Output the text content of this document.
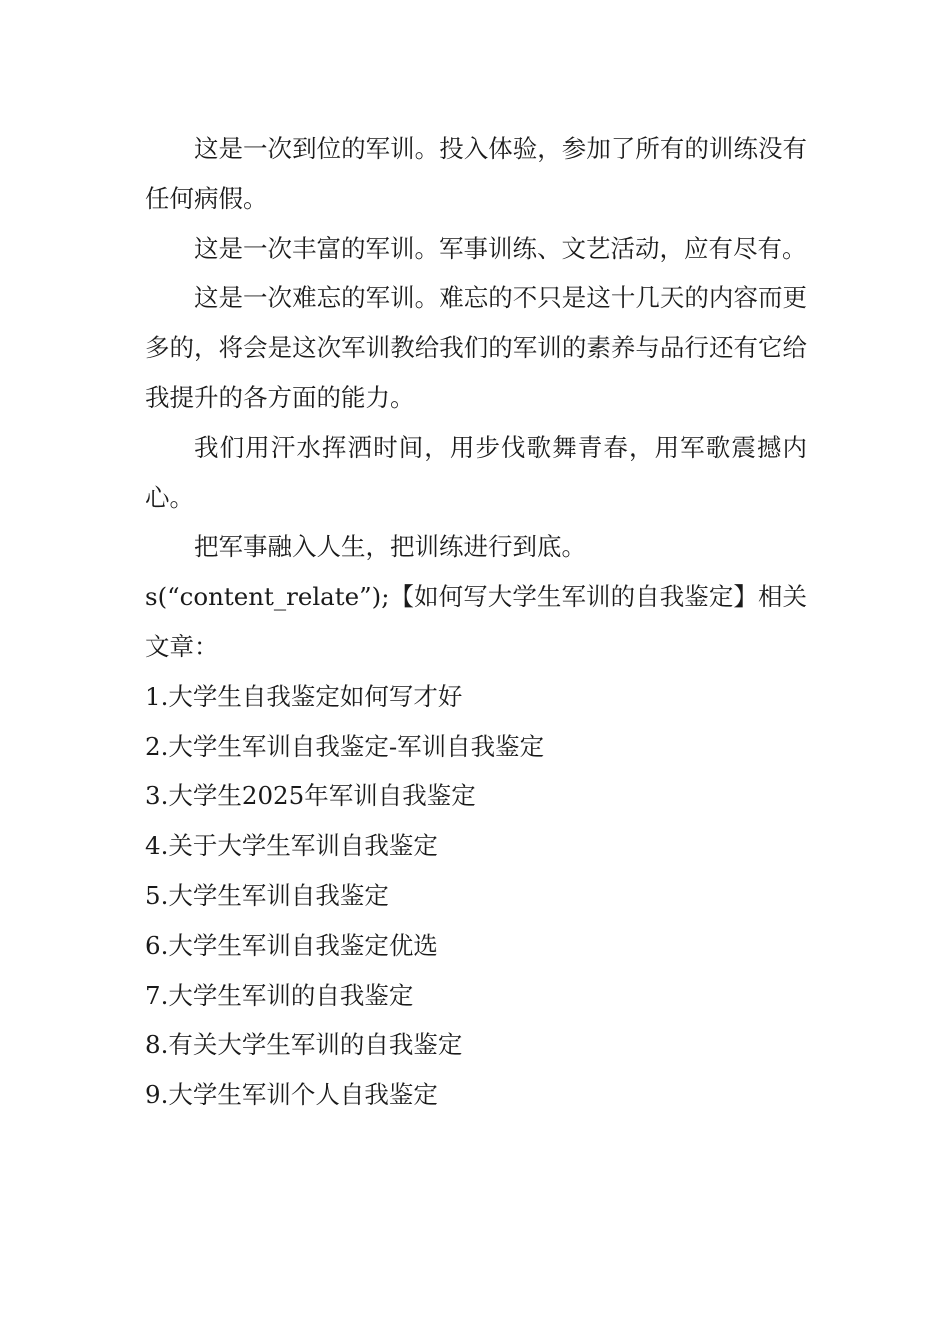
这是一次到位的军训。投入体验，参加了所有的训练没有任何病假。

这是一次丰富的军训。军事训练、文艺活动，应有尽有。

这是一次难忘的军训。难忘的不只是这十几天的内容而更多的，将会是这次军训教给我们的军训的素养与品行还有它给我提升的各方面的能力。

我们用汗水挥洒时间，用步伐歌舞青春，用军歌震撼内心。

把军事融入人生，把训练进行到底。

s(“content_relate”);【如何写大学生军训的自我鉴定】相关文章：

1.大学生自我鉴定如何写才好
2.大学生军训自我鉴定-军训自我鉴定
3.大学生2025年军训自我鉴定
4.关于大学生军训自我鉴定
5.大学生军训自我鉴定
6.大学生军训自我鉴定优选
7.大学生军训的自我鉴定
8.有关大学生军训的自我鉴定
9.大学生军训个人自我鉴定
